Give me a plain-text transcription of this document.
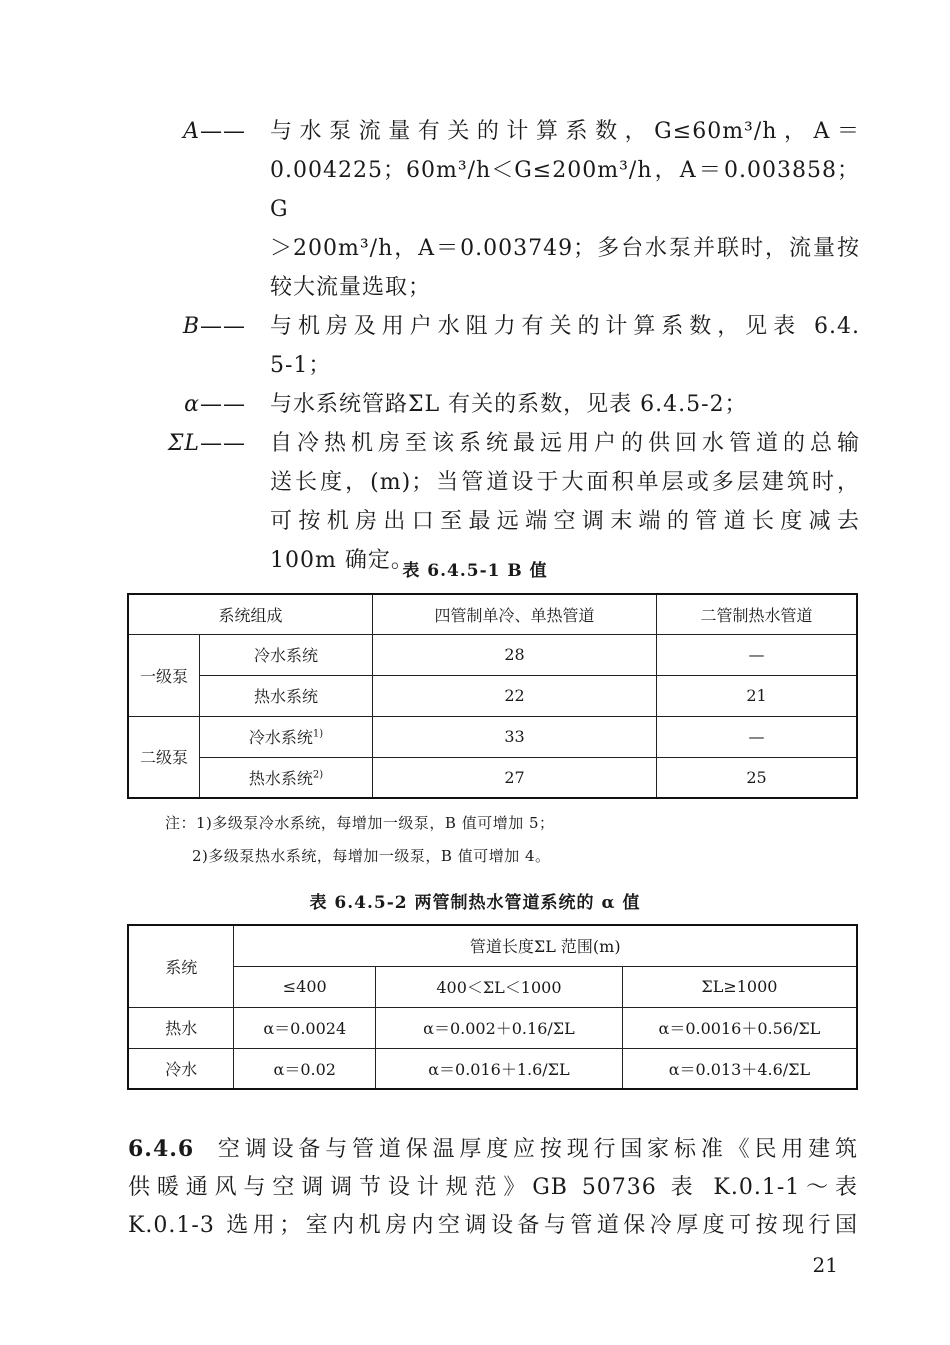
A——	与水泵流量有关的计算系数，G≤60m³/h，A＝
0.004225；60m³/h＜G≤200m³/h，A＝0.003858；G
＞200m³/h，A＝0.003749；多台水泵并联时，流量按
较大流量选取；
B——	与机房及用户水阻力有关的计算系数，见表 6.4.
5-1；
α——	与水系统管路ΣL 有关的系数，见表 6.4.5-2；
ΣL——	自冷热机房至该系统最远用户的供回水管道的总输
送长度，(m)；当管道设于大面积单层或多层建筑时，
可按机房出口至最远端空调末端的管道长度减去
100m 确定。
表 6.4.5-1 B 值
系统组成		四管制单冷、单热管道	二管制热水管道
一级泵	冷水系统	28	—
	热水系统	22	21
二级泵	冷水系统$^{1)}$	33	—
	热水系统$^{2)}$	27	25
注：1)多级泵冷水系统，每增加一级泵，B 值可增加 5；
2)多级泵热水系统，每增加一级泵，B 值可增加 4。
表 6.4.5-2 两管制热水管道系统的 α 值
系统	管道长度ΣL 范围(m)		
	≤400	400＜ΣL＜1000	ΣL≥1000
热水	α＝0.0024	α＝0.002＋0.16/ΣL	α＝0.0016＋0.56/ΣL
冷水	α＝0.02	α＝0.016＋1.6/ΣL	α＝0.013＋4.6/ΣL
6.4.6 空调设备与管道保温厚度应按现行国家标准《民用建筑
供暖通风与空调调节设计规范》GB 50736 表 K.0.1-1～表
K.0.1-3 选用；室内机房内空调设备与管道保冷厚度可按现行国
21
